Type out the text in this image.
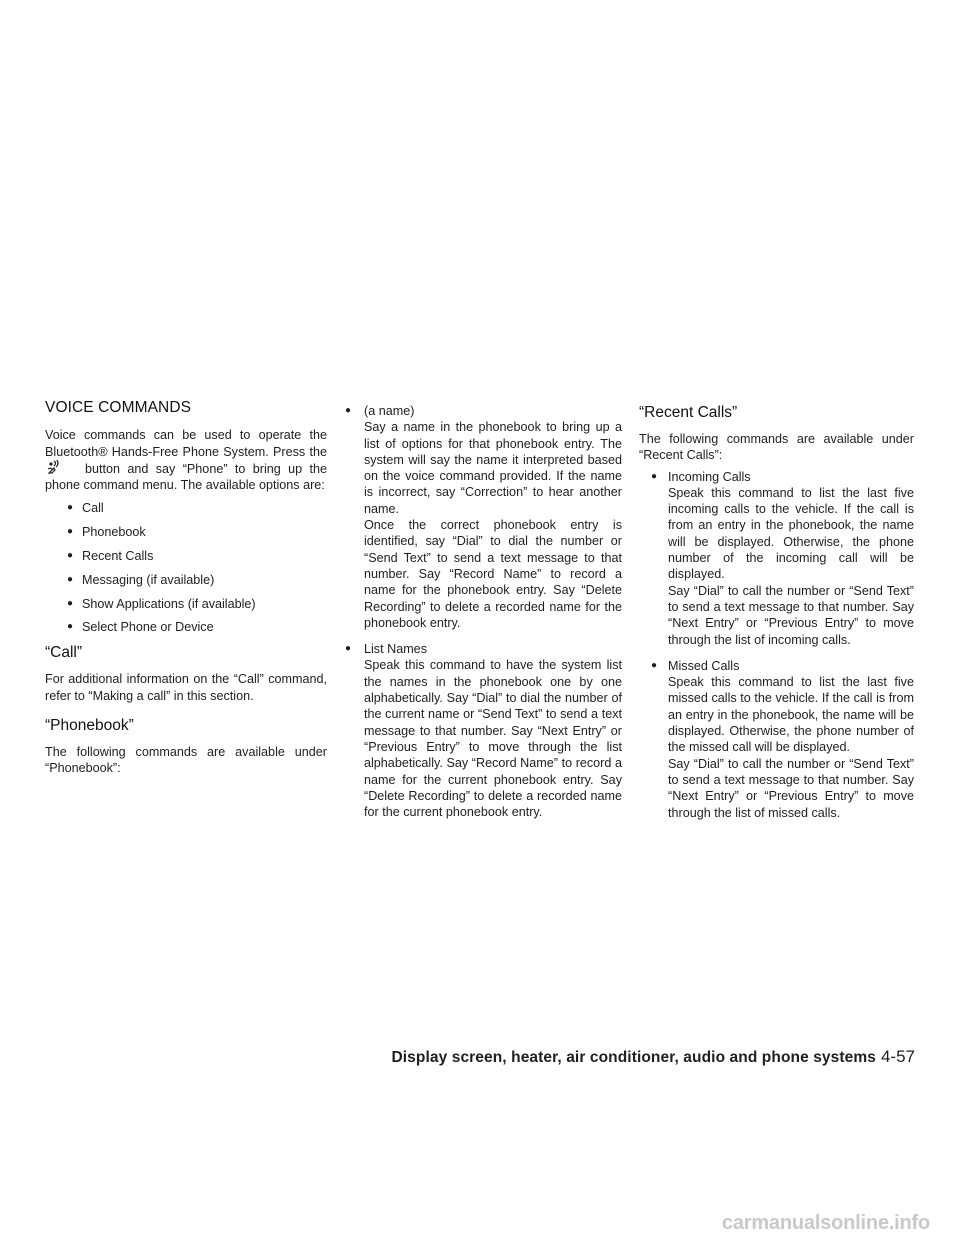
VOICE COMMANDS

Voice commands can be used to operate the Bluetooth® Hands-Free Phone System. Press the button and say “Phone” to bring up the phone command menu. The available options are:

● Call
● Phonebook
● Recent Calls
● Messaging (if available)
● Show Applications (if available)
● Select Phone or Device
“Call”

For additional information on the “Call” command, refer to “Making a call” in this section.

“Phonebook”

The following commands are available under “Phonebook”:

● (a name)

Say a name in the phonebook to bring up a list of options for that phonebook entry. The system will say the name it interpreted based on the voice command provided. If the name is incorrect, say “Correction” to hear another name.

Once the correct phonebook entry is identified, say “Dial” to dial the number or “Send Text” to send a text message to that number. Say “Record Name” to record a name for the phonebook entry. Say “Delete Recording” to delete a recorded name for the phonebook entry.

● List Names

Speak this command to have the system list the names in the phonebook one by one alphabetically. Say “Dial” to dial the number of the current name or “Send Text” to send a text message to that number. Say “Next Entry” or “Previous Entry” to move through the list alphabetically. Say “Record Name” to record a name for the current phonebook entry. Say “Delete Recording” to delete a recorded name for the current phonebook entry.

“Recent Calls”

The following commands are available under “Recent Calls”:

● Incoming Calls

Speak this command to list the last five incoming calls to the vehicle. If the call is from an entry in the phonebook, the name will be displayed. Otherwise, the phone number of the incoming call will be displayed.

Say “Dial” to call the number or “Send Text” to send a text message to that number. Say “Next Entry” or “Previous Entry” to move through the list of incoming calls.

● Missed Calls

Speak this command to list the last five missed calls to the vehicle. If the call is from an entry in the phonebook, the name will be displayed. Otherwise, the phone number of the missed call will be displayed.

Say “Dial” to call the number or “Send Text” to send a text message to that number. Say “Next Entry” or “Previous Entry” to move through the list of missed calls.

Display screen, heater, air conditioner, audio and phone systems 4-57
carmanualsonline.info
